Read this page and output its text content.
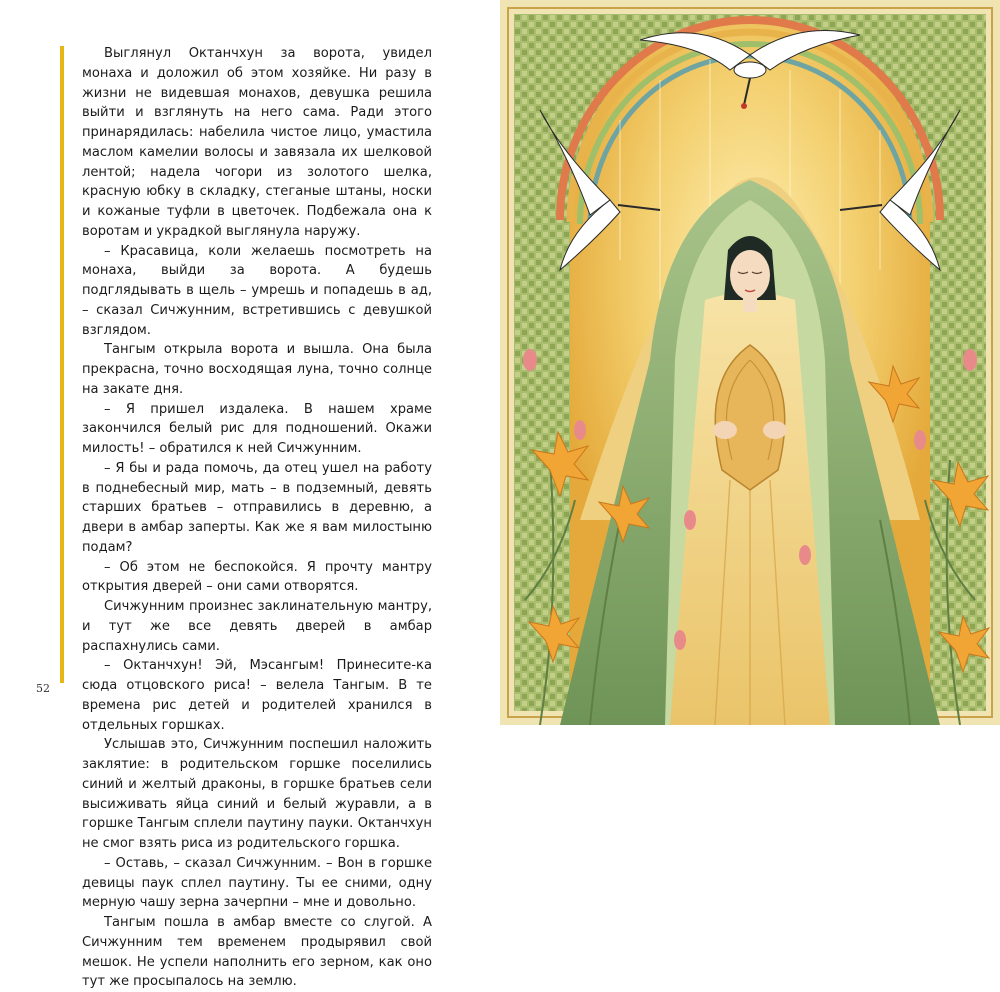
Выглянул Октанчхун за ворота, увидел монаха и доложил об этом хозяйке. Ни разу в жизни не видевшая монахов, девушка решила выйти и взглянуть на него сама. Ради этого принарядилась: набелила чистое лицо, умастила маслом камелии волосы и завязала их шелковой лентой; надела чогори из золотого шелка, красную юбку в складку, стеганые штаны, носки и кожаные туфли в цветочек. Подбежала она к воротам и украдкой выглянула наружу.

– Красавица, коли желаешь посмотреть на монаха, выйди за ворота. А будешь подглядывать в щель – умрешь и попадешь в ад, – сказал Сичжунним, встретившись с девушкой взглядом.

Тангым открыла ворота и вышла. Она была прекрасна, точно восходящая луна, точно солнце на закате дня.

– Я пришел издалека. В нашем храме закончился белый рис для подношений. Окажи милость! – обратился к ней Сичжунним.

– Я бы и рада помочь, да отец ушел на работу в поднебесный мир, мать – в подземный, девять старших братьев – отправились в деревню, а двери в амбар заперты. Как же я вам милостыню подам?

– Об этом не беспокойся. Я прочту мантру открытия дверей – они сами отворятся.

Сичжунним произнес заклинательную мантру, и тут же все девять дверей в амбар распахнулись сами.

– Октанчхун! Эй, Мэсангым! Принесите-ка сюда отцовского риса! – велела Тангым. В те времена рис детей и родителей хранился в отдельных горшках.

Услышав это, Сичжунним поспешил наложить заклятие: в родительском горшке поселились синий и желтый драконы, в горшке братьев сели высиживать яйца синий и белый журавли, а в горшке Тангым сплели паутину пауки. Октанчхун не смог взять риса из родительского горшка.

– Оставь, – сказал Сичжунним. – Вон в горшке девицы паук сплел паутину. Ты ее сними, одну мерную чашу зерна зачерпни – мне и довольно.

Тангым пошла в амбар вместе со слугой. А Сичжунним тем временем продырявил свой мешок. Не успели наполнить его зерном, как оно тут же просыпалось на землю.

52
